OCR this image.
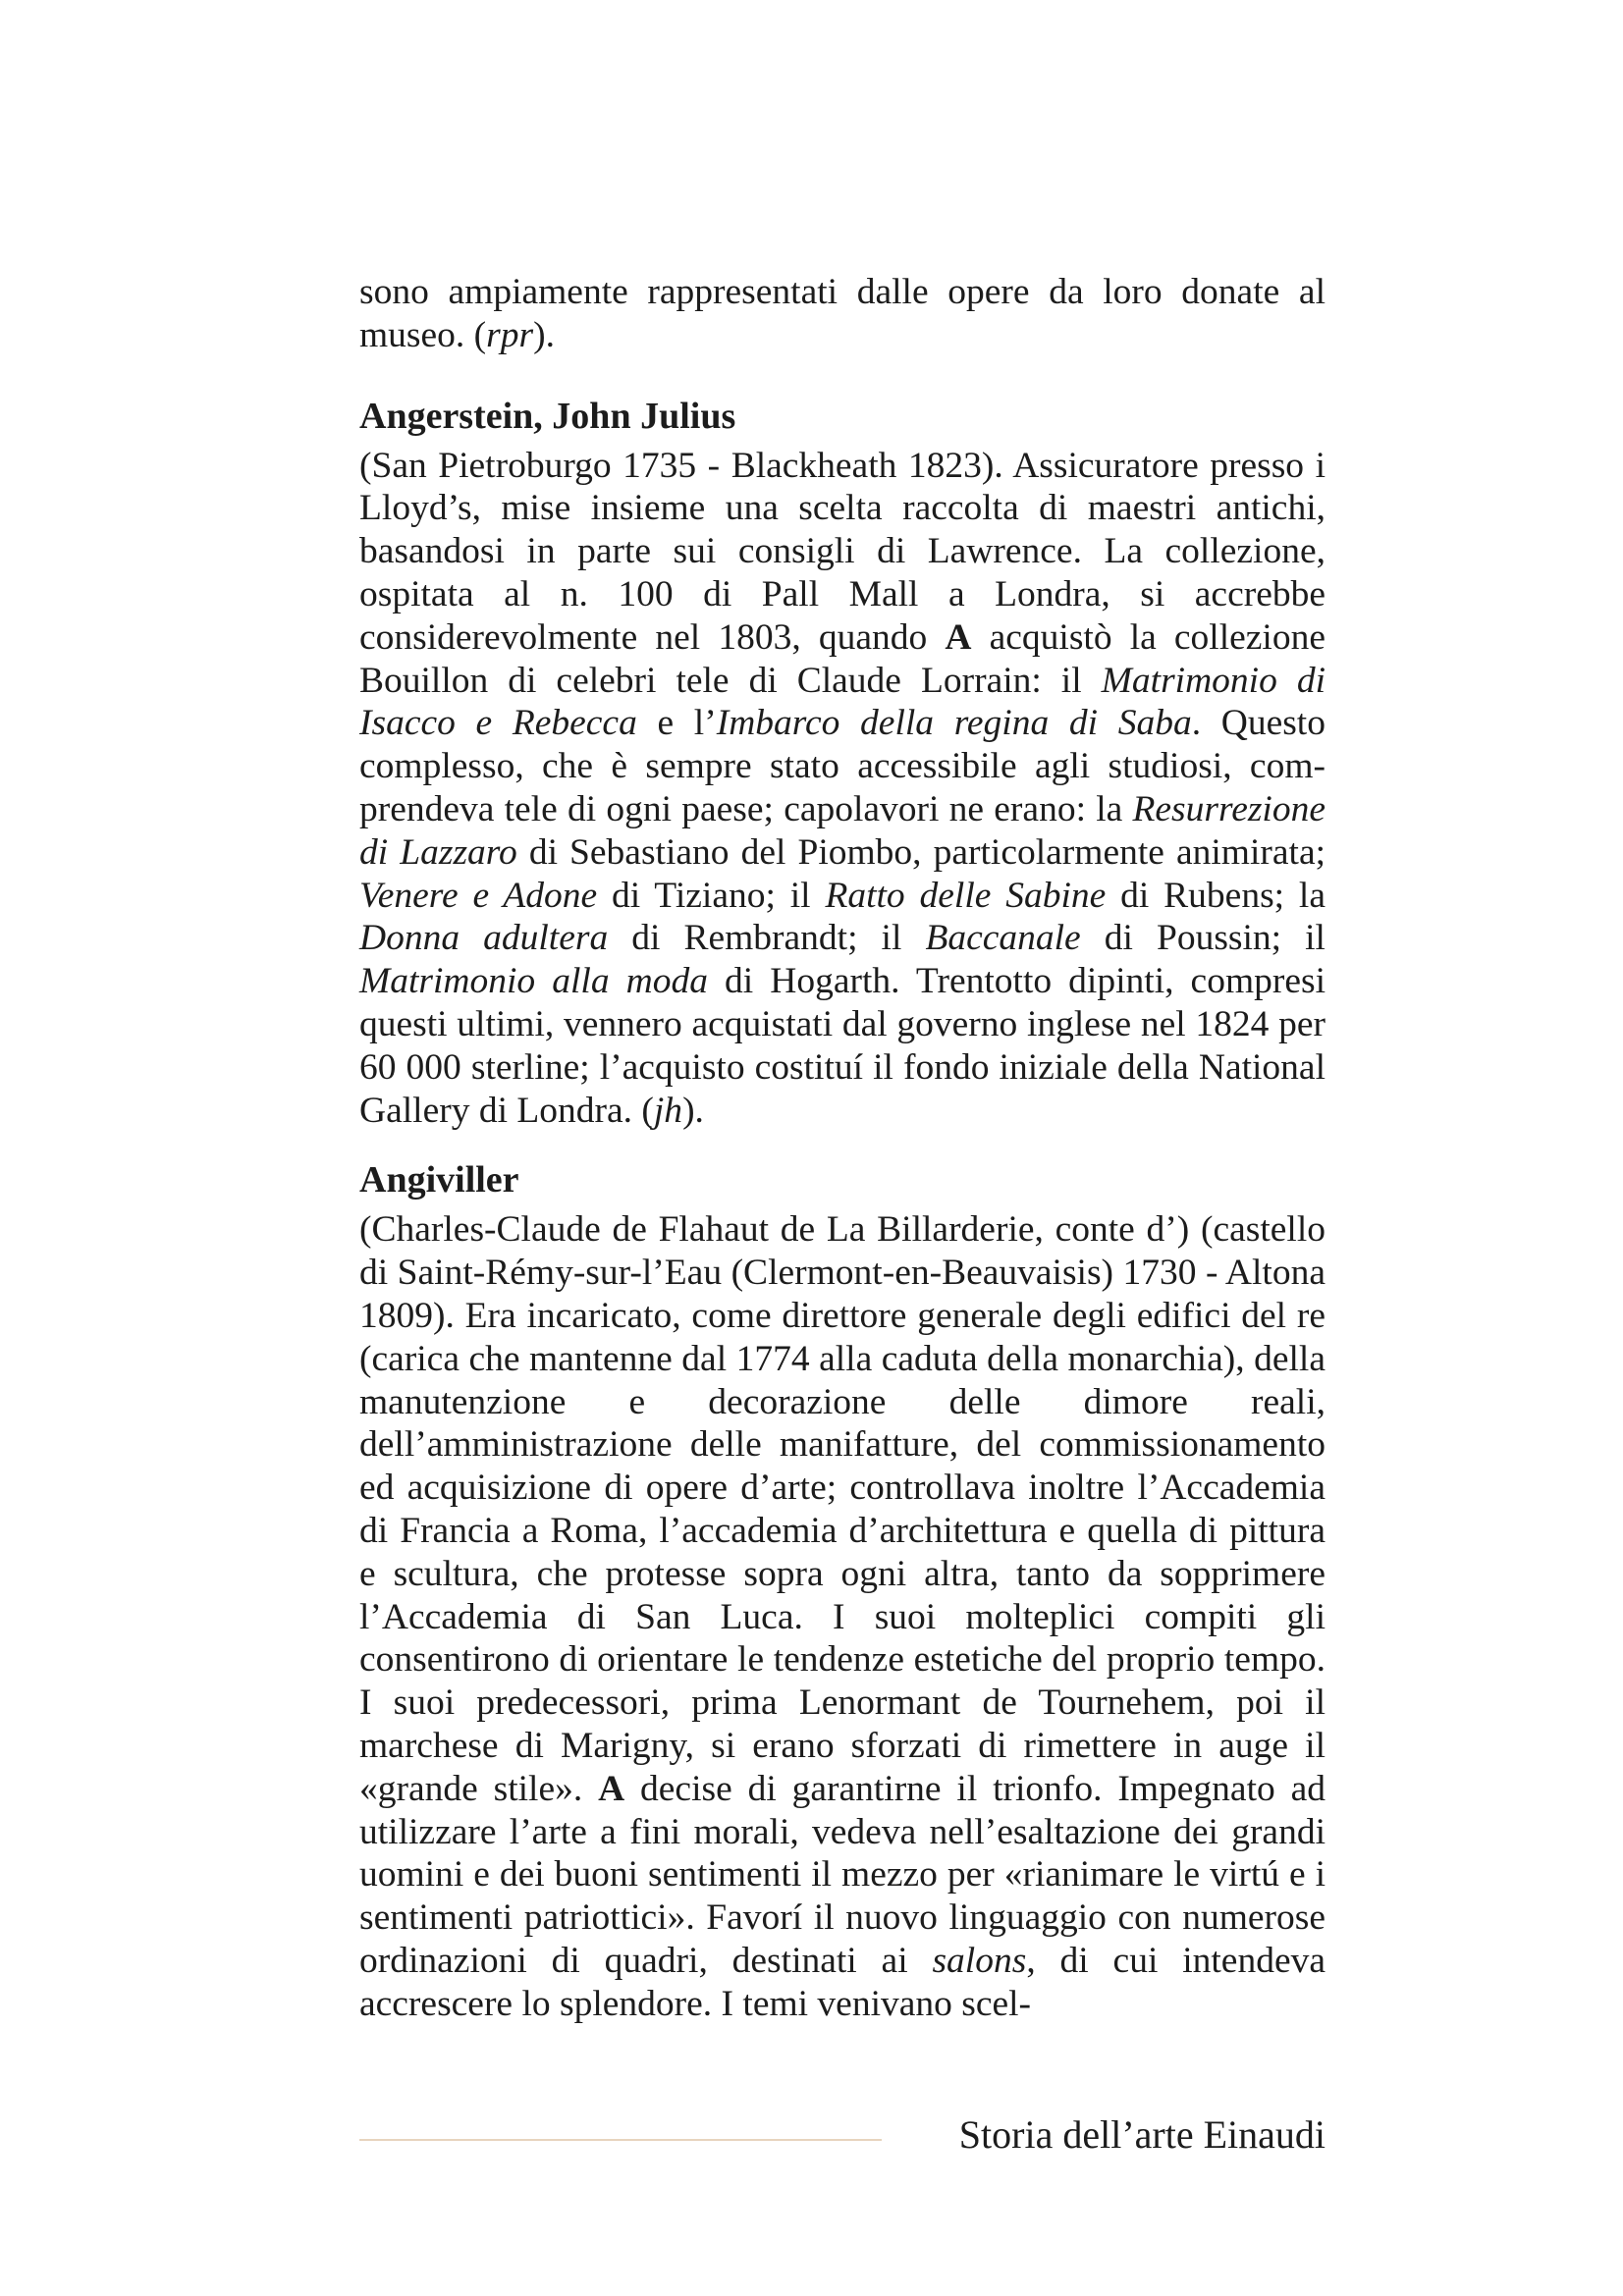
sono ampiamente rappresentati dalle opere da loro donate al museo. (rpr).

Angerstein, John Julius

(San Pietroburgo 1735 - Blackheath 1823). Assicuratore presso i Lloyd’s, mise insieme una scelta raccolta di maestri antichi, basandosi in parte sui consigli di Lawrence. La collezione, ospitata al n. 100 di Pall Mall a Londra, si accrebbe considerevolmente nel 1803, quando A acquistò la collezione Bouillon di celebri tele di Claude Lorrain: il Matrimonio di Isacco e Rebecca e l’Imbarco della regina di Saba. Questo complesso, che è sempre stato accessibile agli studiosi, comprendeva tele di ogni paese; capolavori ne erano: la Resurrezione di Lazzaro di Sebastiano del Piombo, particolarmente animirata; Venere e Adone di Tiziano; il Ratto delle Sabine di Rubens; la Donna adultera di Rembrandt; il Baccanale di Poussin; il Matrimonio alla moda di Hogarth. Trentotto dipinti, compresi questi ultimi, vennero acquistati dal governo inglese nel 1824 per 60 000 sterline; l’acquisto costituí il fondo iniziale della National Gallery di Londra. (jh).

Angiviller

(Charles-Claude de Flahaut de La Billarderie, conte d’) (castello di Saint-Rémy-sur-l’Eau (Clermont-en-Beauvaisis) 1730 - Altona 1809). Era incaricato, come direttore generale degli edifici del re (carica che mantenne dal 1774 alla caduta della monarchia), della manutenzione e decorazione delle dimore reali, dell’amministrazione delle manifatture, del commissionamento ed acquisizione di opere d’arte; controllava inoltre l’Accademia di Francia a Roma, l’accademia d’architettura e quella di pittura e scultura, che protesse sopra ogni altra, tanto da sopprimere l’Accademia di San Luca. I suoi molteplici compiti gli consentirono di orientare le tendenze estetiche del proprio tempo. I suoi predecessori, prima Lenormant de Tournehem, poi il marchese di Marigny, si erano sforzati di rimettere in auge il «grande stile». A decise di garantirne il trionfo. Impegnato ad utilizzare l’arte a fini morali, vedeva nell’esaltazione dei grandi uomini e dei buoni sentimenti il mezzo per «rianimare le virtú e i sentimenti patriottici». Favorí il nuovo linguaggio con numerose ordinazioni di quadri, destinati ai salons, di cui intendeva accrescere lo splendore. I temi venivano scel-

Storia dell’arte Einaudi
